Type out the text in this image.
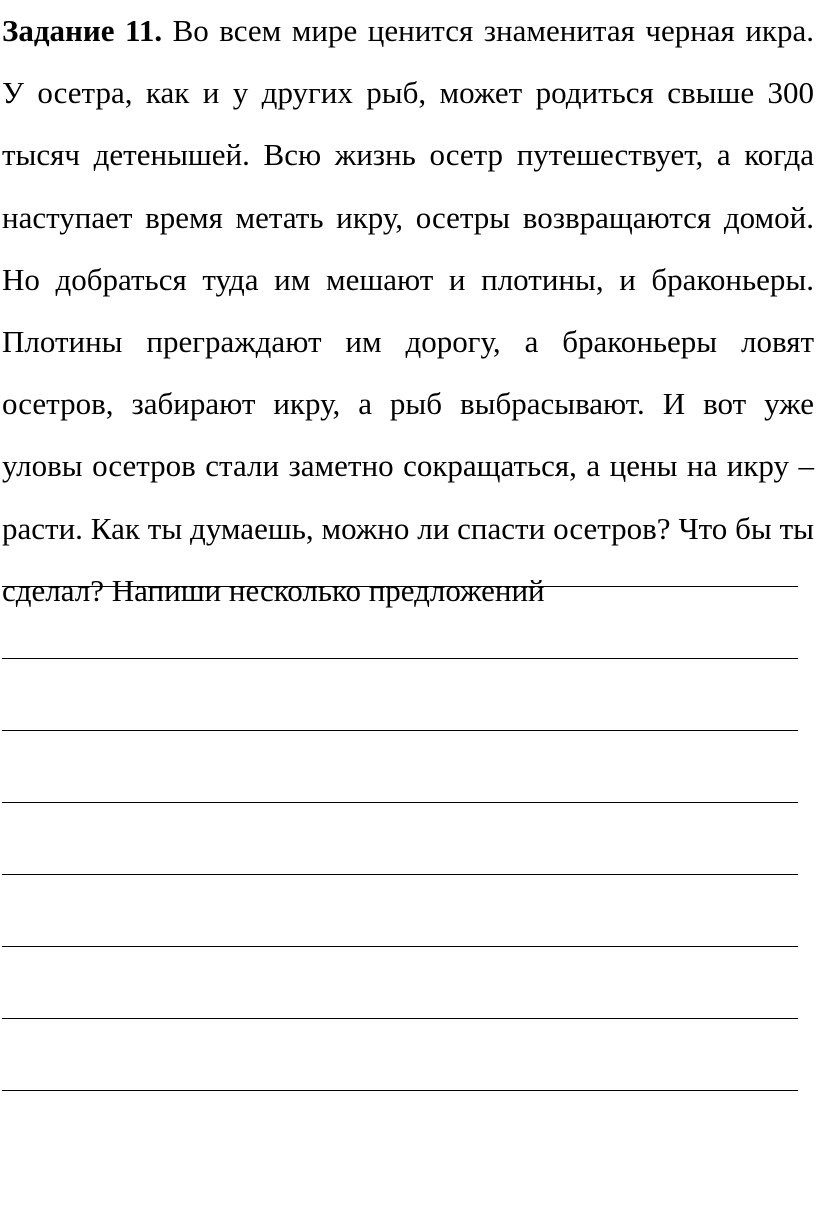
Задание 11. Во всем мире ценится знаменитая черная икра. У осетра, как и у других рыб, может родиться свыше 300 тысяч детенышей. Всю жизнь осетр путешествует, а когда наступает время метать икру, осетры возвращаются домой. Но добраться туда им мешают и плотины, и браконьеры. Плотины преграждают им дорогу, а браконьеры ловят осетров, забирают икру, а рыб выбрасывают. И вот уже уловы осетров стали заметно сокращаться, а цены на икру – расти. Как ты думаешь, можно ли спасти осетров? Что бы ты сделал? Напиши несколько предложений
